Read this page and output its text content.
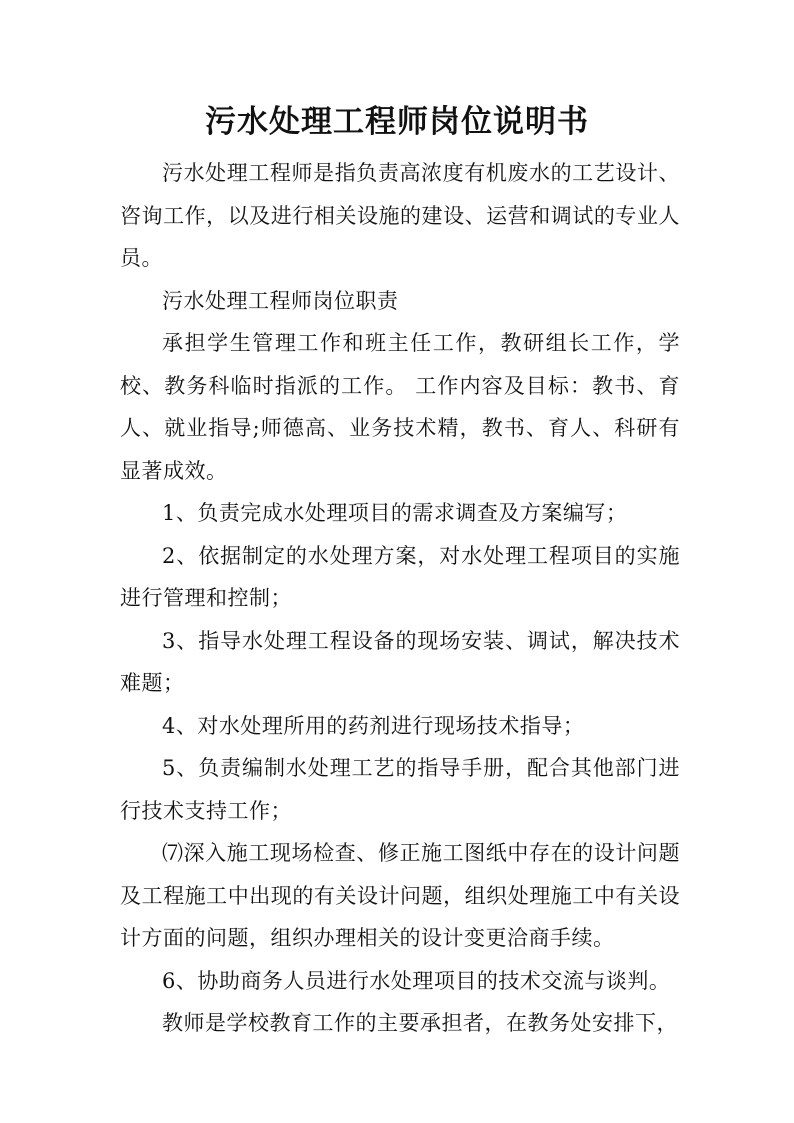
污水处理工程师岗位说明书

污水处理工程师是指负责高浓度有机废水的工艺设计、咨询工作，以及进行相关设施的建设、运营和调试的专业人员。

污水处理工程师岗位职责

承担学生管理工作和班主任工作，教研组长工作，学校、教务科临时指派的工作。 工作内容及目标：教书、育人、就业指导;师德高、业务技术精，教书、育人、科研有显著成效。

1、负责完成水处理项目的需求调查及方案编写；

2、依据制定的水处理方案，对水处理工程项目的实施进行管理和控制；

3、指导水处理工程设备的现场安装、调试，解决技术难题；

4、对水处理所用的药剂进行现场技术指导；

5、负责编制水处理工艺的指导手册，配合其他部门进行技术支持工作；

⑺深入施工现场检查、修正施工图纸中存在的设计问题及工程施工中出现的有关设计问题，组织处理施工中有关设计方面的问题，组织办理相关的设计变更洽商手续。

6、协助商务人员进行水处理项目的技术交流与谈判。

教师是学校教育工作的主要承担者，在教务处安排下，
